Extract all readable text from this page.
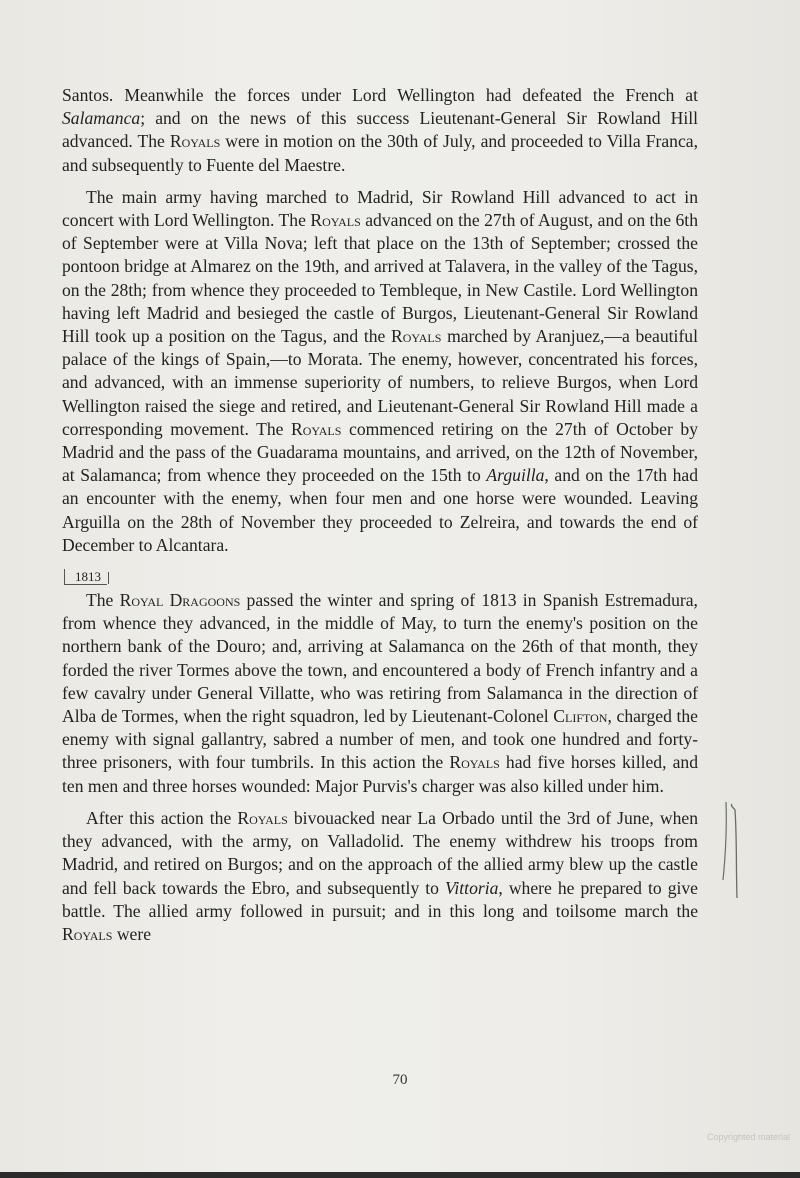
Santos. Meanwhile the forces under Lord Wellington had defeated the French at Salamanca; and on the news of this success Lieutenant-General Sir Rowland Hill advanced. The Royals were in motion on the 30th of July, and proceeded to Villa Franca, and subsequently to Fuente del Maestre.

The main army having marched to Madrid, Sir Rowland Hill advanced to act in concert with Lord Wellington. The Royals advanced on the 27th of August, and on the 6th of September were at Villa Nova; left that place on the 13th of September; crossed the pontoon bridge at Almarez on the 19th, and arrived at Talavera, in the valley of the Tagus, on the 28th; from whence they proceeded to Tembleque, in New Castile. Lord Wellington having left Madrid and besieged the castle of Burgos, Lieutenant-General Sir Rowland Hill took up a position on the Tagus, and the Royals marched by Aranjuez,—a beautiful palace of the kings of Spain,—to Morata. The enemy, however, concentrated his forces, and advanced, with an immense superiority of numbers, to relieve Burgos, when Lord Wellington raised the siege and retired, and Lieutenant-General Sir Rowland Hill made a corresponding movement. The Royals commenced retiring on the 27th of October by Madrid and the pass of the Guadarama mountains, and arrived, on the 12th of November, at Salamanca; from whence they proceeded on the 15th to Arguilla, and on the 17th had an encounter with the enemy, when four men and one horse were wounded. Leaving Arguilla on the 28th of November they proceeded to Zelreira, and towards the end of December to Alcantara.

1813

The Royal Dragoons passed the winter and spring of 1813 in Spanish Estremadura, from whence they advanced, in the middle of May, to turn the enemy's position on the northern bank of the Douro; and, arriving at Salamanca on the 26th of that month, they forded the river Tormes above the town, and encountered a body of French infantry and a few cavalry under General Villatte, who was retiring from Salamanca in the direction of Alba de Tormes, when the right squadron, led by Lieutenant-Colonel Clifton, charged the enemy with signal gallantry, sabred a number of men, and took one hundred and forty-three prisoners, with four tumbrils. In this action the Royals had five horses killed, and ten men and three horses wounded: Major Purvis's charger was also killed under him.

After this action the Royals bivouacked near La Orbado until the 3rd of June, when they advanced, with the army, on Valladolid. The enemy withdrew his troops from Madrid, and retired on Burgos; and on the approach of the allied army blew up the castle and fell back towards the Ebro, and subsequently to Vittoria, where he prepared to give battle. The allied army followed in pursuit; and in this long and toilsome march the Royals were

70
Copyrighted material
